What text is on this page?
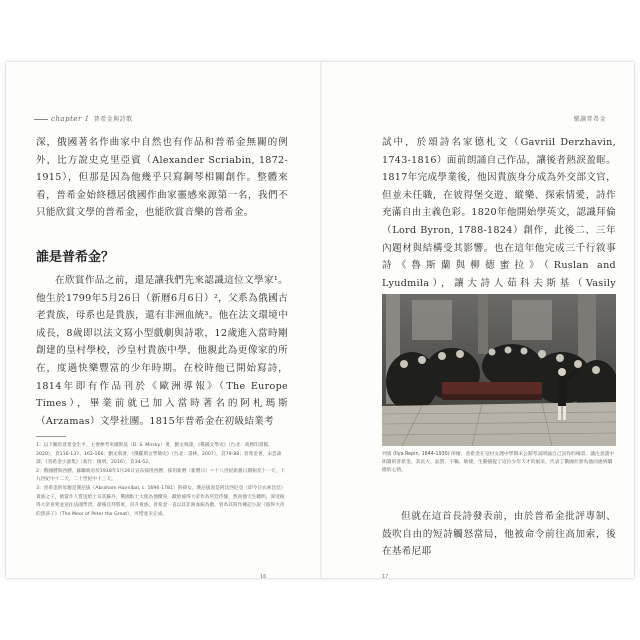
chapter 1 普希金與詩歌

深，俄國著名作曲家中自然也有作品和普希金無關的例外，比方說史克里亞賓（Alexander Scriabin, 1872-1915），但那是因為他幾乎只寫鋼琴相關創作。整體來看，普希金始終穩居俄國作曲家靈感來源第一名，我們不只能欣賞文學的普希金，也能欣賞音樂的普希金。

誰是普希金？

在欣賞作品之前，還是讓我們先來認識這位文學家¹。他生於1799年5月26日（新曆6月6日）²，父系為俄國古老貴族，母系也是貴族，還有非洲血統³。他在法文環境中成長，8歲即以法文寫小型戲劇與詩歌，12歲進入當時剛創建的皇村學校，沙皇村貴族中學，他親此為更像家的所在，度過快樂豐富的少年時期。在校時他已開始寫詩，1814年即有作品刊於《歐洲導報》（The Europe Times），畢業前就已加入當時著名的阿札瑪斯（Arzamas）文學社團。1815年普希金在初級結業考

1：以下關於普希金生平，主要參考米爾斯基（D. S. Mirsky）著，劉文飛譯，《俄國文學史》（台北：商務印書館，2020），頁116-137、162-166；劉文飛著，《俄羅斯文學簡史》（台北：書林，2007），頁79-88；普希金著，宋雲森譯，《普希金小說集》（新竹：啟明，2016），頁34-52。

2：俄國曆與西曆，蘇聯政府於1918年1月26日宣布採用西曆，採用新曆（新曆日）＝十八世紀新舊日期相差十一天，十九世紀中十二天，二十世紀中十三天。

3：普希金的母親是漢尼拔（Abraham Hannibal, c. 1696-1781）的孫女。漢尼拔原是阿比西尼亞（即今日衣索比亞）貴族之子，被當作人質送給土耳其蘇丹，俄國駐土大使為他贖身，獻給彼得大帝作為宮廷侍僮，然而他天生聰明，深受彼得大帝喜愛並送往法國學習，最後官拜將軍，晉升貴族。普希金一直以其非洲血統為傲，曾為其寫作傳記小說《彼得大帝的黑孩子》（The Moor of Peter the Great），可惜並未完成。

16
樂讀普希金

試中，於頌詩名家德札文（Gavriil Derzhavin, 1743-1816）面前朗誦自己作品，讓後者熱淚盈眶。1817年完成學業後，他因貴族身分成為外交部文官，但並未任職，在彼得堡交遊、縱樂、探索情愛，詩作充滿自由主義色彩。1820年他開始學英文，認識拜倫（Lord Byron, 1788-1824）創作，此後二、三年內題材與結構受其影響。也在這年他完成三千行敘事詩《魯斯蘭與柳德蜜拉》（Ruslan and Lyudmila），讓大詩人茹科夫斯基（Vasily

列賓 (Ilya Repin, 1844-1930) 所繪，普希金在皇村文理中學期末公開考試朗誦自己詩作的場景。讓注意畫中朗讀的普希金，其長大、氣質、不羈、敏捷，生動捕捉了這位少年天才的風采，代表了俄國社會為他而感到驕傲的心情。

但就在這首長詩發表前，由於普希金批評專制、鼓吹自由的短詩觸怒當局，他被命令前往高加索，後在基希尼耶

17
